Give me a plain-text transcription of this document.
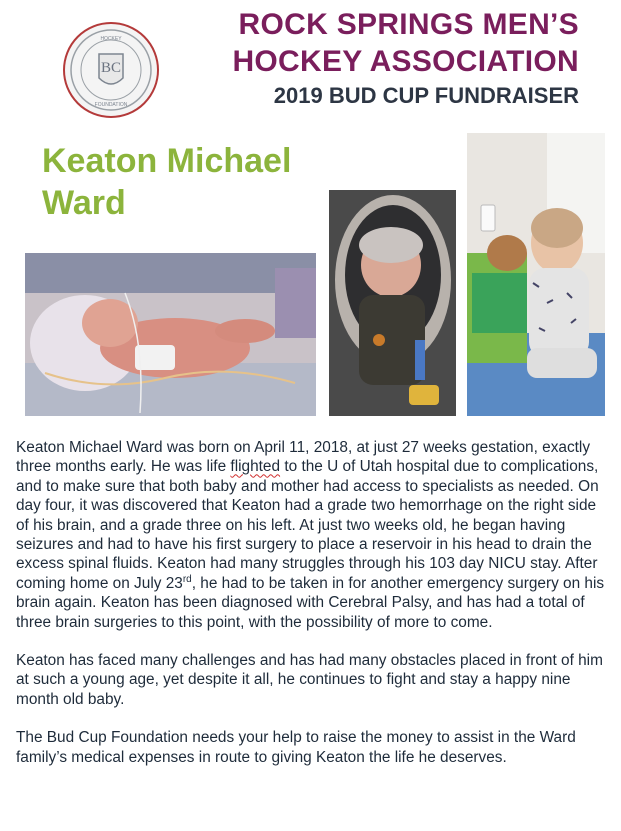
BC
HOCKEY
FOUNDATION
ROCK SPRINGS MEN’S
HOCKEY ASSOCIATION
2019 BUD CUP FUNDRAISER
Keaton Michael
Ward

Keaton Michael Ward was born on April 11, 2018, at just 27 weeks gestation, exactly three months early. He was life flighted to the U of Utah hospital due to complications, and to make sure that both baby and mother had access to specialists as needed. On day four, it was discovered that Keaton had a grade two hemorrhage on the right side of his brain, and a grade three on his left. At just two weeks old, he began having seizures and had to have his first surgery to place a reservoir in his head to drain the excess spinal fluids. Keaton had many struggles through his 103 day NICU stay. After coming home on July 23rd, he had to be taken in for another emergency surgery on his brain again. Keaton has been diagnosed with Cerebral Palsy, and has had a total of three brain surgeries to this point, with the possibility of more to come.

Keaton has faced many challenges and has had many obstacles placed in front of him at such a young age, yet despite it all, he continues to fight and stay a happy nine month old baby.

The Bud Cup Foundation needs your help to raise the money to assist in the Ward family’s medical expenses in route to giving Keaton the life he deserves.
